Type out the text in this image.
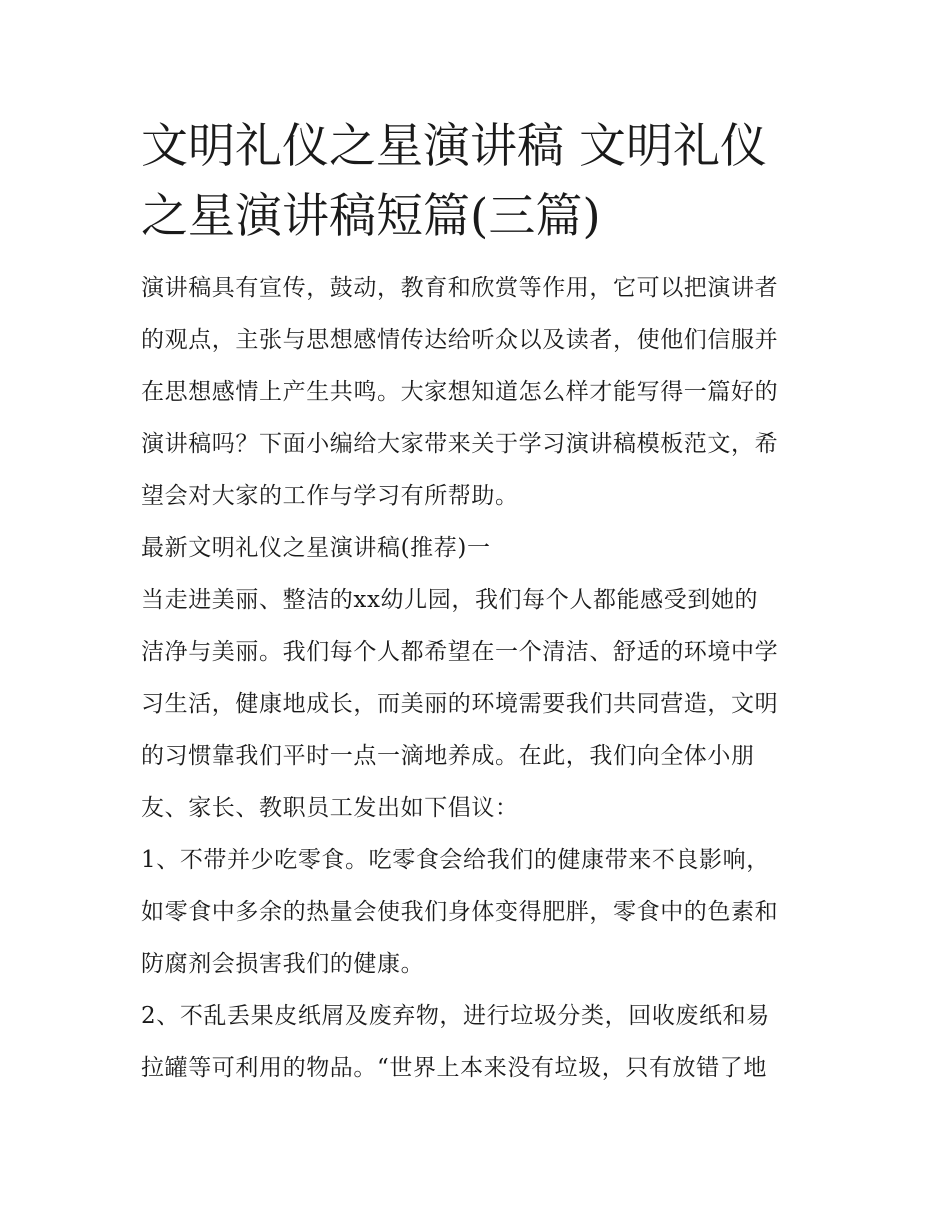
文明礼仪之星演讲稿 文明礼仪
之星演讲稿短篇(三篇)
演讲稿具有宣传，鼓动，教育和欣赏等作用，它可以把演讲者
的观点，主张与思想感情传达给听众以及读者，使他们信服并
在思想感情上产生共鸣。大家想知道怎么样才能写得一篇好的
演讲稿吗？下面小编给大家带来关于学习演讲稿模板范文，希
望会对大家的工作与学习有所帮助。
最新文明礼仪之星演讲稿(推荐)一
当走进美丽、整洁的xx幼儿园，我们每个人都能感受到她的
洁净与美丽。我们每个人都希望在一个清洁、舒适的环境中学
习生活，健康地成长，而美丽的环境需要我们共同营造，文明
的习惯靠我们平时一点一滴地养成。在此，我们向全体小朋
友、家长、教职员工发出如下倡议：
1、不带并少吃零食。吃零食会给我们的健康带来不良影响，
如零食中多余的热量会使我们身体变得肥胖，零食中的色素和
防腐剂会损害我们的健康。
2、不乱丢果皮纸屑及废弃物，进行垃圾分类，回收废纸和易
拉罐等可利用的物品。“世界上本来没有垃圾，只有放错了地
